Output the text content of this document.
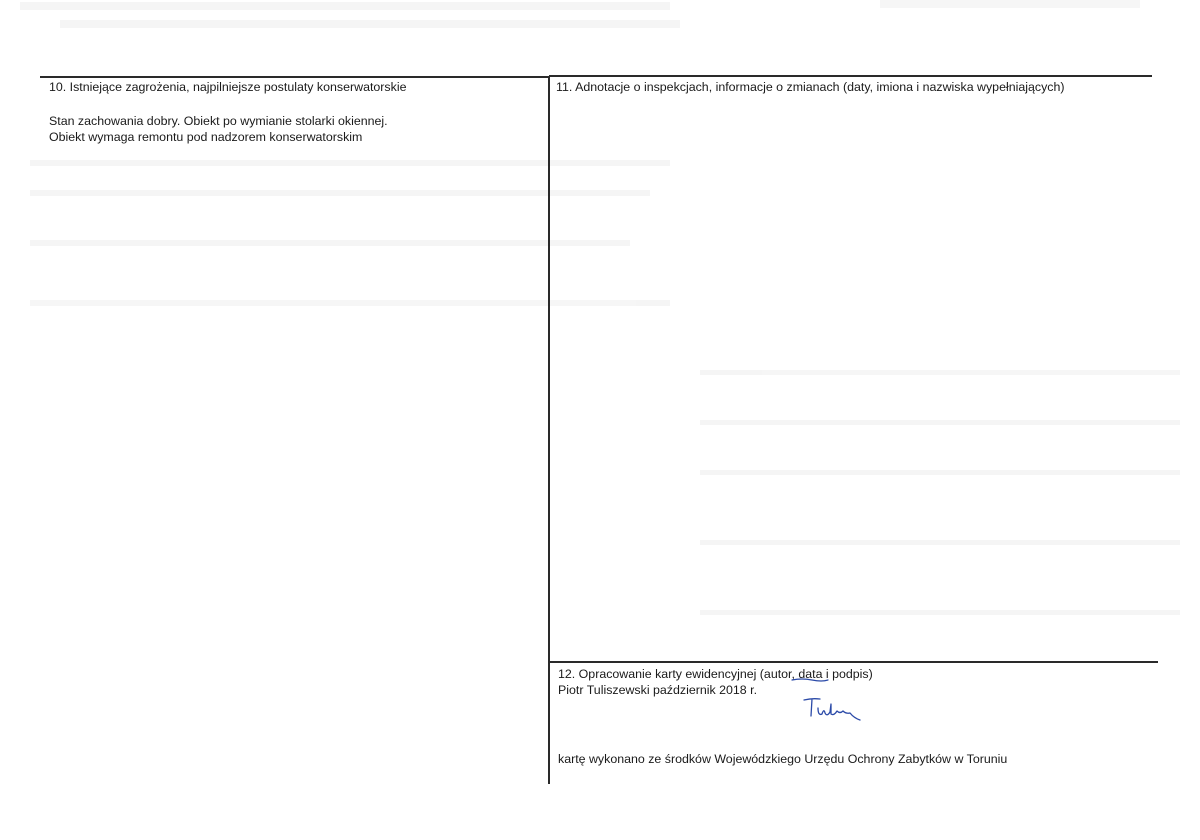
10. Istniejące zagrożenia, najpilniejsze postulaty konserwatorskie
Stan zachowania dobry. Obiekt po wymianie stolarki okiennej.
Obiekt wymaga remontu pod nadzorem konserwatorskim
11. Adnotacje o inspekcjach, informacje o zmianach (daty, imiona i nazwiska wypełniających)
12. Opracowanie karty ewidencyjnej (autor, data i podpis)
Piotr Tuliszewski październik 2018 r.
kartę wykonano ze środków Wojewódzkiego Urzędu Ochrony Zabytków w Toruniu
